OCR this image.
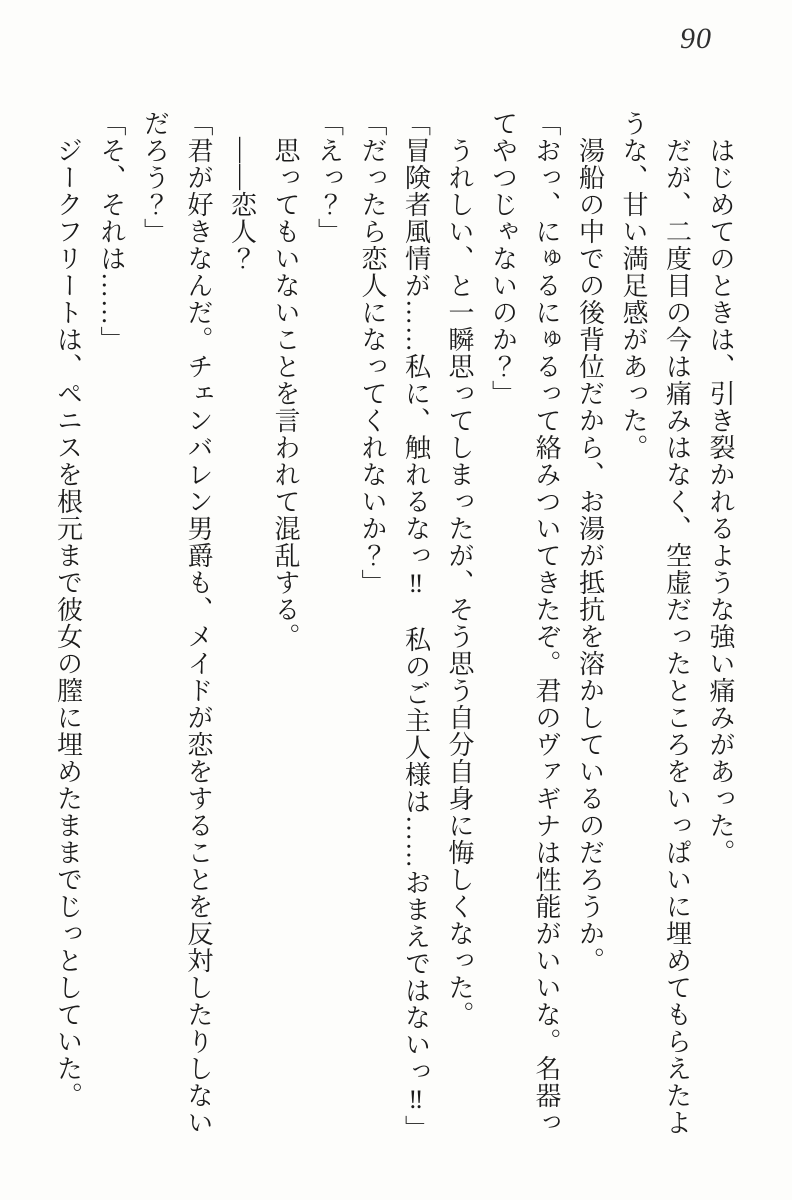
90

　はじめてのときは、引き裂かれるような強い痛みがあった。

　だが、二度目の今は痛みはなく、空虚だったところをいっぱいに埋めてもらえたよ

うな、甘い満足感があった。

　湯船の中での後背位だから、お湯が抵抗を溶かしているのだろうか。

「おっ、にゅるにゅるって絡みついてきたぞ。君のヴァギナは性能がいいな。名器っ

てやつじゃないのか？」

　うれしい、と一瞬思ってしまったが、そう思う自分自身に悔しくなった。

「冒険者風情が……私に、触れるなっ‼　私のご主人様は……おまえではないっ‼」

「だったら恋人になってくれないか？」

「えっ？」

　思ってもいないことを言われて混乱する。

　――恋人？

「君が好きなんだ。チェンバレン男爵も、メイドが恋をすることを反対したりしない

だろう？」

「そ、それは……」

　ジークフリートは、ペニスを根元まで彼女の膣に埋めたままでじっとしていた。
